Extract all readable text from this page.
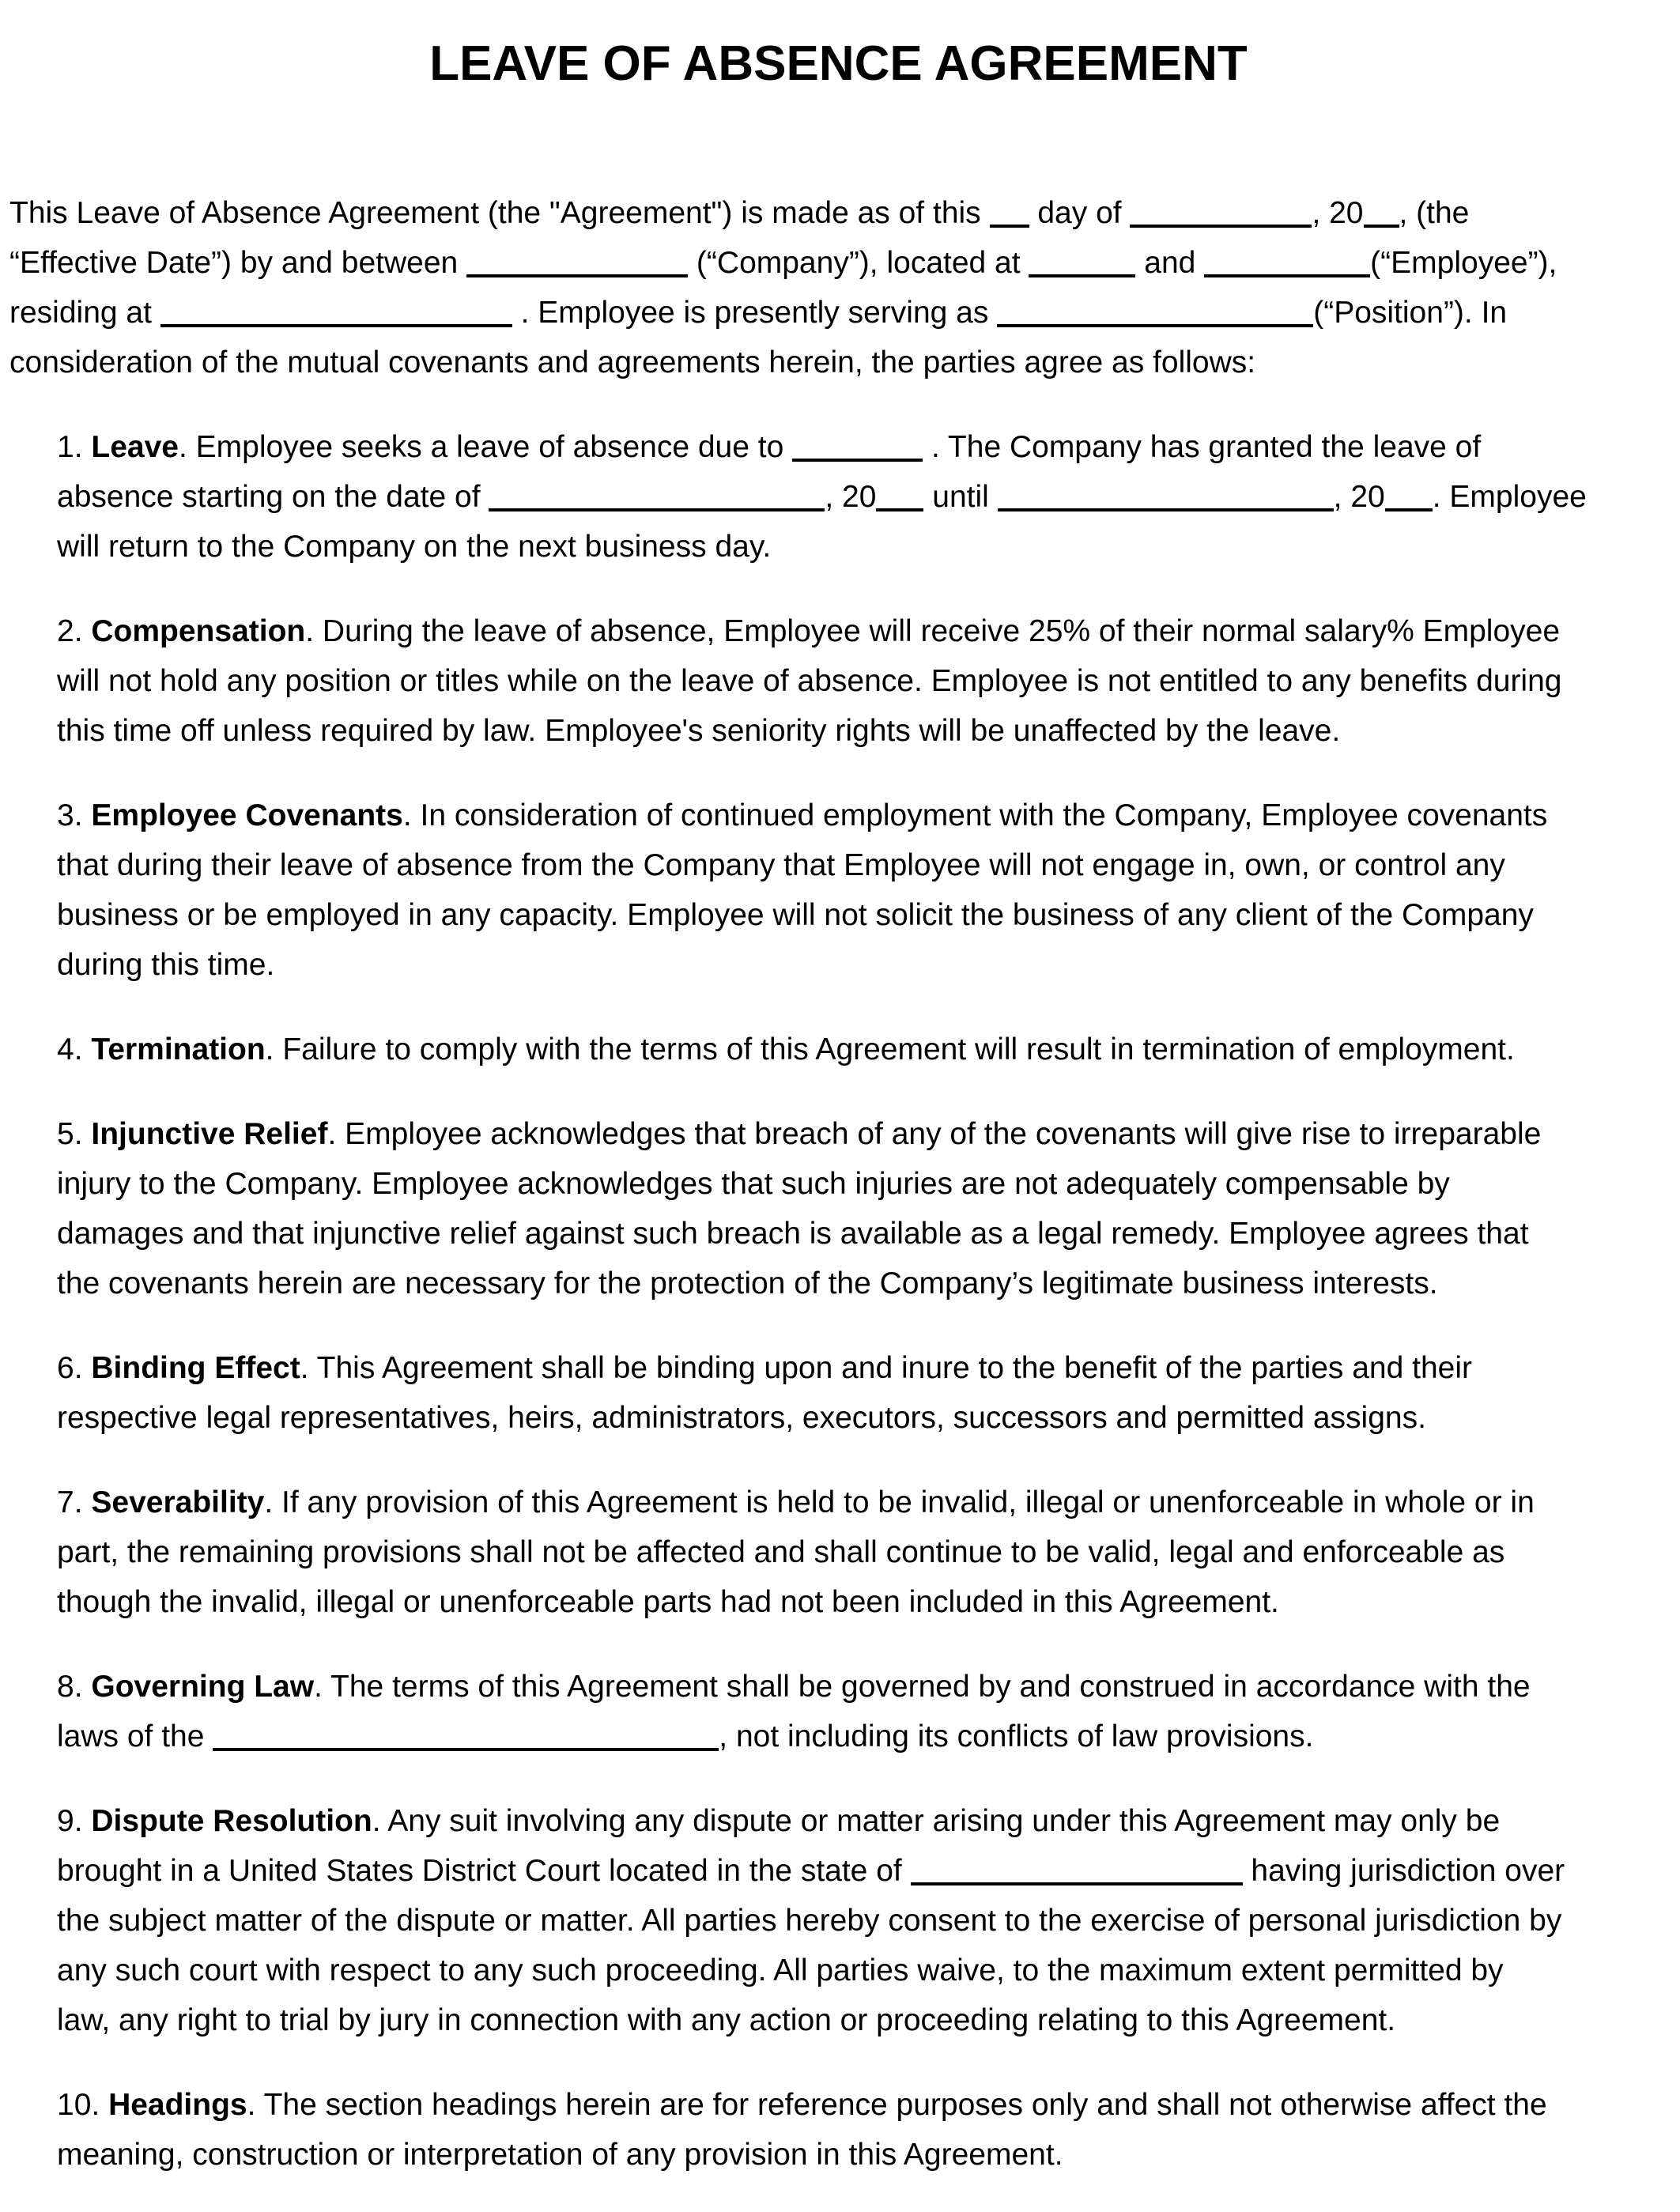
LEAVE OF ABSENCE AGREEMENT

This Leave of Absence Agreement (the "Agreement") is made as of this  day of	, 20 , (the
“Effective Date”) by and between	(“Company”), located at	and	(“Employee”),
residing at	. Employee is presently serving as	(“Position”). In
consideration of the mutual covenants and agreements herein, the parties agree as follows:

1. Leave. Employee seeks a leave of absence due to	. The Company has granted the leave of
absence starting on the date of	, 20 until	, 20 . Employee
will return to the Company on the next business day.

2. Compensation. During the leave of absence, Employee will receive 25% of their normal salary% Employee
will not hold any position or titles while on the leave of absence. Employee is not entitled to any benefits during
this time off unless required by law. Employee's seniority rights will be unaffected by the leave.

3. Employee Covenants. In consideration of continued employment with the Company, Employee covenants
that during their leave of absence from the Company that Employee will not engage in, own, or control any
business or be employed in any capacity. Employee will not solicit the business of any client of the Company
during this time.

4. Termination. Failure to comply with the terms of this Agreement will result in termination of employment.

5. Injunctive Relief. Employee acknowledges that breach of any of the covenants will give rise to irreparable
injury to the Company. Employee acknowledges that such injuries are not adequately compensable by
damages and that injunctive relief against such breach is available as a legal remedy. Employee agrees that
the covenants herein are necessary for the protection of the Company’s legitimate business interests.

6. Binding Effect. This Agreement shall be binding upon and inure to the benefit of the parties and their
respective legal representatives, heirs, administrators, executors, successors and permitted assigns.

7. Severability. If any provision of this Agreement is held to be invalid, illegal or unenforceable in whole or in
part, the remaining provisions shall not be affected and shall continue to be valid, legal and enforceable as
though the invalid, illegal or unenforceable parts had not been included in this Agreement.

8. Governing Law. The terms of this Agreement shall be governed by and construed in accordance with the
laws of the	, not including its conflicts of law provisions.

9. Dispute Resolution. Any suit involving any dispute or matter arising under this Agreement may only be
brought in a United States District Court located in the state of	having jurisdiction over
the subject matter of the dispute or matter. All parties hereby consent to the exercise of personal jurisdiction by
any such court with respect to any such proceeding. All parties waive, to the maximum extent permitted by
law, any right to trial by jury in connection with any action or proceeding relating to this Agreement.

10. Headings. The section headings herein are for reference purposes only and shall not otherwise affect the
meaning, construction or interpretation of any provision in this Agreement.
